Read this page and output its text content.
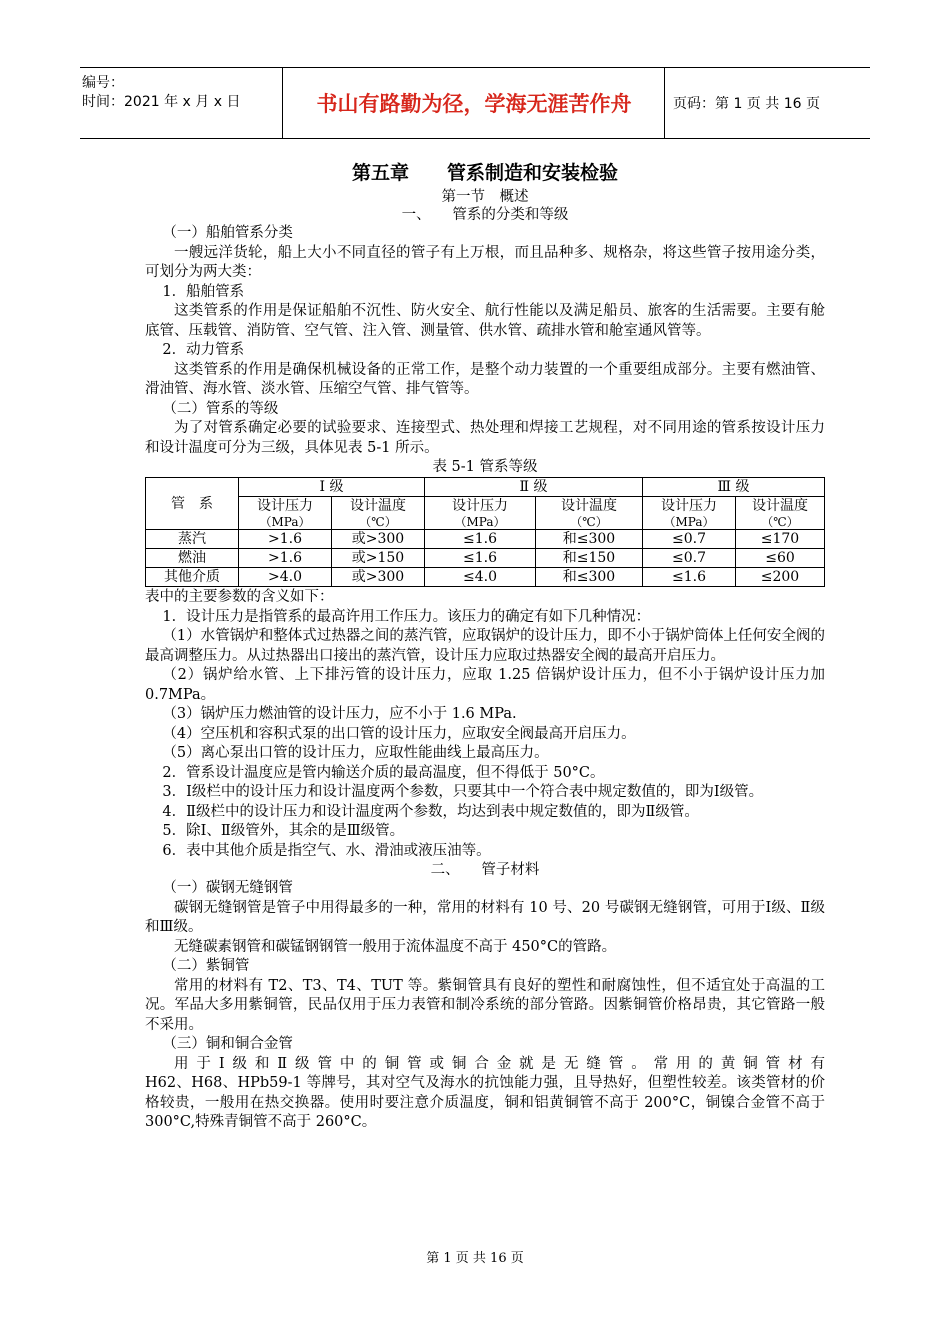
编号：
时间：2021 年 x 月 x 日	书山有路勤为径，学海无涯苦作舟	页码：第 1 页 共 16 页
第五章　　管系制造和安装检验
第一节　概述
一、　　管系的分类和等级

（一）船舶管系分类

一艘远洋货轮，船上大小不同直径的管子有上万根，而且品种多、规格杂，将这些管子按用途分类，可划分为两大类：

1．船舶管系

这类管系的作用是保证船舶不沉性、防火安全、航行性能以及满足船员、旅客的生活需要。主要有舱底管、压载管、消防管、空气管、注入管、测量管、供水管、疏排水管和舱室通风管等。

2．动力管系

这类管系的作用是确保机械设备的正常工作，是整个动力装置的一个重要组成部分。主要有燃油管、滑油管、海水管、淡水管、压缩空气管、排气管等。

（二）管系的等级

为了对管系确定必要的试验要求、连接型式、热处理和焊接工艺规程，对不同用途的管系按设计压力和设计温度可分为三级，具体见表 5-1 所示。

表 5-1 管系等级
管　系	Ⅰ 级		Ⅱ 级		Ⅲ 级	
	设计压力
（MPa）	设计温度
（℃）	设计压力
（MPa）	设计温度
（℃）	设计压力
（MPa）	设计温度
（℃）

蒸汽	>1.6	或>300	≤1.6	和≤300	≤0.7	≤170
燃油	>1.6	或>150	≤1.6	和≤150	≤0.7	≤60
其他介质	>4.0	或>300	≤4.0	和≤300	≤1.6	≤200

表中的主要参数的含义如下：

1．设计压力是指管系的最高许用工作压力。该压力的确定有如下几种情况：

（1）水管锅炉和整体式过热器之间的蒸汽管，应取锅炉的设计压力，即不小于锅炉筒体上任何安全阀的最高调整压力。从过热器出口接出的蒸汽管，设计压力应取过热器安全阀的最高开启压力。

（2）锅炉给水管、上下排污管的设计压力，应取 1.25 倍锅炉设计压力，但不小于锅炉设计压力加 0.7MPa。

（3）锅炉压力燃油管的设计压力，应不小于 1.6 MPa.

（4）空压机和容积式泵的出口管的设计压力，应取安全阀最高开启压力。

（5）离心泵出口管的设计压力，应取性能曲线上最高压力。

2．管系设计温度应是管内输送介质的最高温度，但不得低于 50°C。

3．Ⅰ级栏中的设计压力和设计温度两个参数，只要其中一个符合表中规定数值的，即为Ⅰ级管。

4．Ⅱ级栏中的设计压力和设计温度两个参数，均达到表中规定数值的，即为Ⅱ级管。

5．除Ⅰ、Ⅱ级管外，其余的是Ⅲ级管。

6．表中其他介质是指空气、水、滑油或液压油等。

二、　　管子材料

（一）碳钢无缝钢管

碳钢无缝钢管是管子中用得最多的一种，常用的材料有 10 号、20 号碳钢无缝钢管，可用于Ⅰ级、Ⅱ级和Ⅲ级。

无缝碳素钢管和碳锰钢钢管一般用于流体温度不高于 450°C的管路。

（二）紫铜管

常用的材料有 T2、T3、T4、TUT 等。紫铜管具有良好的塑性和耐腐蚀性，但不适宜处于高温的工况。军品大多用紫铜管，民品仅用于压力表管和制冷系统的部分管路。因紫铜管价格昂贵，其它管路一般不采用。

（三）铜和铜合金管

用于Ⅰ级和Ⅱ级管中的铜管或铜合金就是无缝管。常用的黄铜管材有

H62、H68、HPb59-1 等牌号，其对空气及海水的抗蚀能力强，且导热好，但塑性较差。该类管材的价格较贵，一般用在热交换器。使用时要注意介质温度，铜和铝黄铜管不高于 200°C，铜镍合金管不高于 300°C,特殊青铜管不高于 260°C。

第 1 页 共 16 页
